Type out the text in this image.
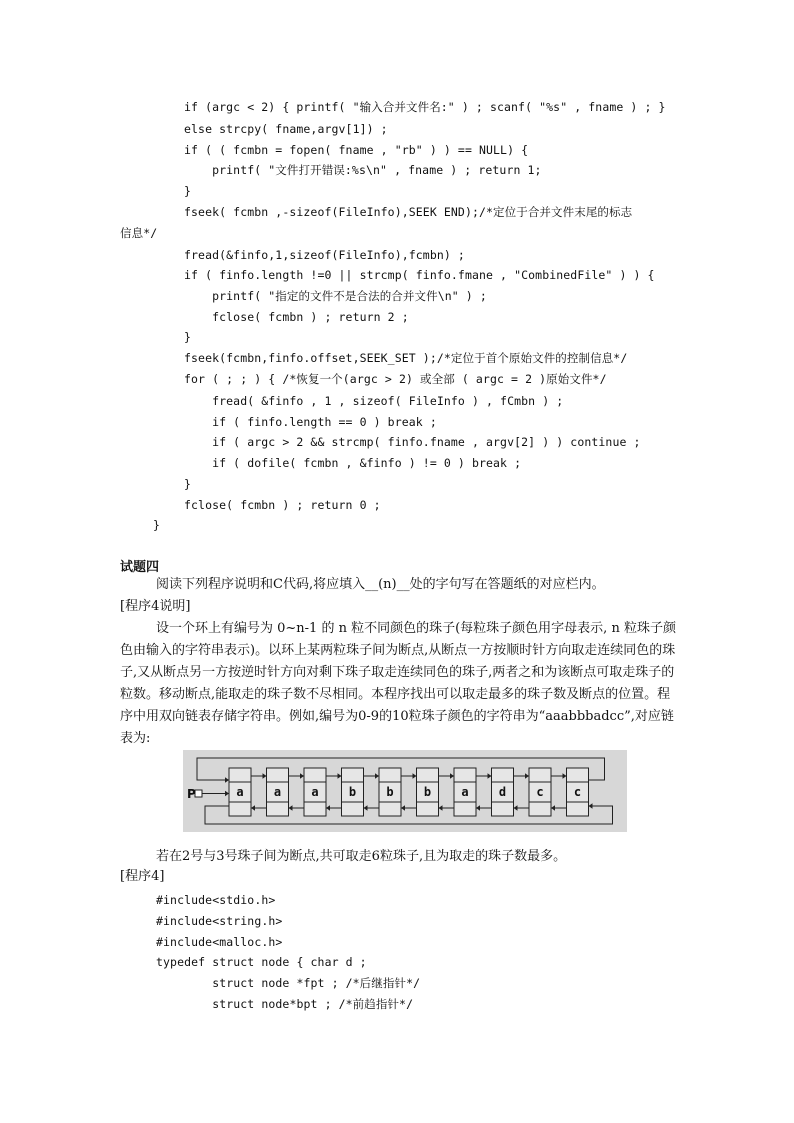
if (argc < 2) { printf( "输入合并文件名:" ) ; scanf( "%s" , fname ) ; }
else strcpy( fname,argv[1]) ;
if ( ( fcmbn = fopen( fname , "rb" ) ) == NULL) {
printf( "文件打开错误:%s\n" , fname ) ; return 1;
}
fseek( fcmbn ,-sizeof(FileInfo),SEEK END);/*定位于合并文件末尾的标志
信息*/
fread(&finfo,1,sizeof(FileInfo),fcmbn) ;
if ( finfo.length !=0 || strcmp( finfo.fmane , "CombinedFile" ) ) {
printf( "指定的文件不是合法的合并文件\n" ) ;
fclose( fcmbn ) ; return 2 ;
}
fseek(fcmbn,finfo.offset,SEEK_SET );/*定位于首个原始文件的控制信息*/
for ( ; ; ) { /*恢复一个(argc > 2) 或全部 ( argc = 2 )原始文件*/
fread( &finfo , 1 , sizeof( FileInfo ) , fCmbn ) ;
if ( finfo.length == 0 ) break ;
if ( argc > 2 && strcmp( finfo.fname , argv[2] ) ) continue ;
if ( dofile( fcmbn , &finfo ) != 0 ) break ;
}
fclose( fcmbn ) ; return 0 ;
}
试题四
阅读下列程序说明和C代码,将应填入__(n)__处的字句写在答题纸的对应栏内。
[程序4说明]
设一个环上有编号为 0~n-1 的 n 粒不同颜色的珠子(每粒珠子颜色用字母表示, n 粒珠子颜色由输入的字符串表示)。以环上某两粒珠子间为断点,从断点一方按顺时针方向取走连续同色的珠子,又从断点另一方按逆时针方向对剩下珠子取走连续同色的珠子,两者之和为该断点可取走珠子的粒数。移动断点,能取走的珠子数不尽相同。本程序找出可以取走最多的珠子数及断点的位置。程序中用双向链表存储字符串。例如,编号为0-9的10粒珠子颜色的字符串为“aaabbbadcc”,对应链表为:
a	a	a	b	b	b	a	d	c	c
P
若在2号与3号珠子间为断点,共可取走6粒珠子,且为取走的珠子数最多。
[程序4]
#include<stdio.h>
#include<string.h>
#include<malloc.h>
typedef struct node { char d ;
struct node *fpt ; /*后继指针*/
struct node*bpt ; /*前趋指针*/
